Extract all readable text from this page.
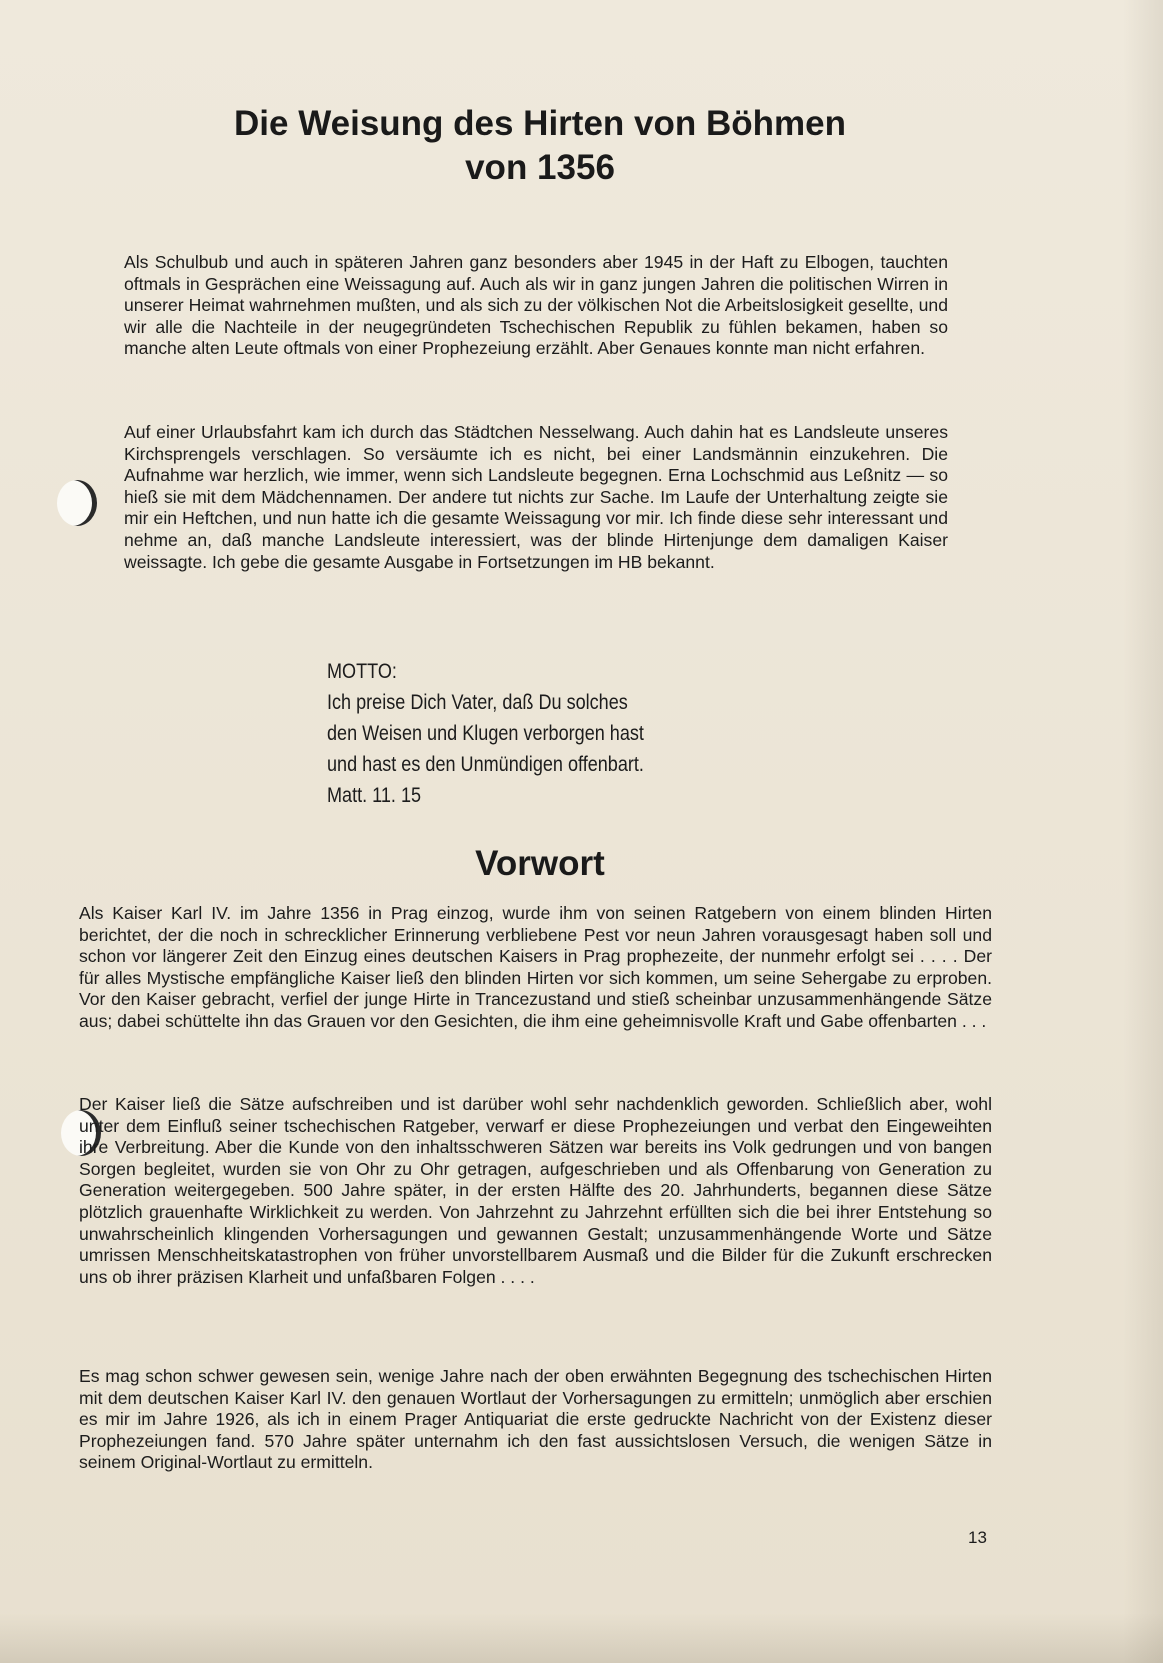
Die Weisung des Hirten von Böhmen
von 1356

Als Schulbub und auch in späteren Jahren ganz besonders aber 1945 in der Haft zu Elbogen, tauchten oftmals in Gesprächen eine Weissagung auf. Auch als wir in ganz jungen Jahren die politischen Wirren in unserer Heimat wahrnehmen mußten, und als sich zu der völkischen Not die Arbeitslosigkeit gesellte, und wir alle die Nachteile in der neugegründeten Tschechischen Republik zu fühlen bekamen, haben so manche alten Leute oftmals von einer Prophezeiung erzählt. Aber Genaues konnte man nicht erfahren.

Auf einer Urlaubsfahrt kam ich durch das Städtchen Nesselwang. Auch dahin hat es Landsleute unseres Kirchsprengels verschlagen. So versäumte ich es nicht, bei einer Landsmännin einzukehren. Die Aufnahme war herzlich, wie immer, wenn sich Landsleute begegnen. Erna Lochschmid aus Leßnitz — so hieß sie mit dem Mädchennamen. Der andere tut nichts zur Sache. Im Laufe der Unterhaltung zeigte sie mir ein Heftchen, und nun hatte ich die gesamte Weissagung vor mir. Ich finde diese sehr interessant und nehme an, daß manche Landsleute interessiert, was der blinde Hirtenjunge dem damaligen Kaiser weissagte. Ich gebe die gesamte Ausgabe in Fortsetzungen im HB bekannt.

MOTTO:
Ich preise Dich Vater, daß Du solches
den Weisen und Klugen verborgen hast
und hast es den Unmündigen offenbart.
Matt. 11. 15
Vorwort

Als Kaiser Karl IV. im Jahre 1356 in Prag einzog, wurde ihm von seinen Ratgebern von einem blinden Hirten berichtet, der die noch in schrecklicher Erinnerung verbliebene Pest vor neun Jahren vorausgesagt haben soll und schon vor längerer Zeit den Einzug eines deutschen Kaisers in Prag prophezeite, der nunmehr erfolgt sei . . . . Der für alles Mystische empfängliche Kaiser ließ den blinden Hirten vor sich kommen, um seine Sehergabe zu erproben. Vor den Kaiser gebracht, verfiel der junge Hirte in Trancezustand und stieß scheinbar unzusammenhängende Sätze aus; dabei schüttelte ihn das Grauen vor den Gesichten, die ihm eine geheimnisvolle Kraft und Gabe offenbarten . . .

Der Kaiser ließ die Sätze aufschreiben und ist darüber wohl sehr nachdenklich geworden. Schließlich aber, wohl unter dem Einfluß seiner tschechischen Ratgeber, verwarf er diese Prophezeiungen und verbat den Eingeweihten ihre Verbreitung. Aber die Kunde von den inhaltsschweren Sätzen war bereits ins Volk gedrungen und von bangen Sorgen begleitet, wurden sie von Ohr zu Ohr getragen, aufgeschrieben und als Offenbarung von Generation zu Generation weitergegeben. 500 Jahre später, in der ersten Hälfte des 20. Jahrhunderts, begannen diese Sätze plötzlich grauenhafte Wirklichkeit zu werden. Von Jahrzehnt zu Jahrzehnt erfüllten sich die bei ihrer Entstehung so unwahrscheinlich klingenden Vorhersagungen und gewannen Gestalt; unzusammenhängende Worte und Sätze umrissen Menschheitskatastrophen von früher unvorstellbarem Ausmaß und die Bilder für die Zukunft erschrecken uns ob ihrer präzisen Klarheit und unfaßbaren Folgen . . . .

Es mag schon schwer gewesen sein, wenige Jahre nach der oben erwähnten Begegnung des tschechischen Hirten mit dem deutschen Kaiser Karl IV. den genauen Wortlaut der Vorhersagungen zu ermitteln; unmöglich aber erschien es mir im Jahre 1926, als ich in einem Prager Antiquariat die erste gedruckte Nachricht von der Existenz dieser Prophezeiungen fand. 570 Jahre später unternahm ich den fast aussichtslosen Versuch, die wenigen Sätze in seinem Original-Wortlaut zu ermitteln.

13
